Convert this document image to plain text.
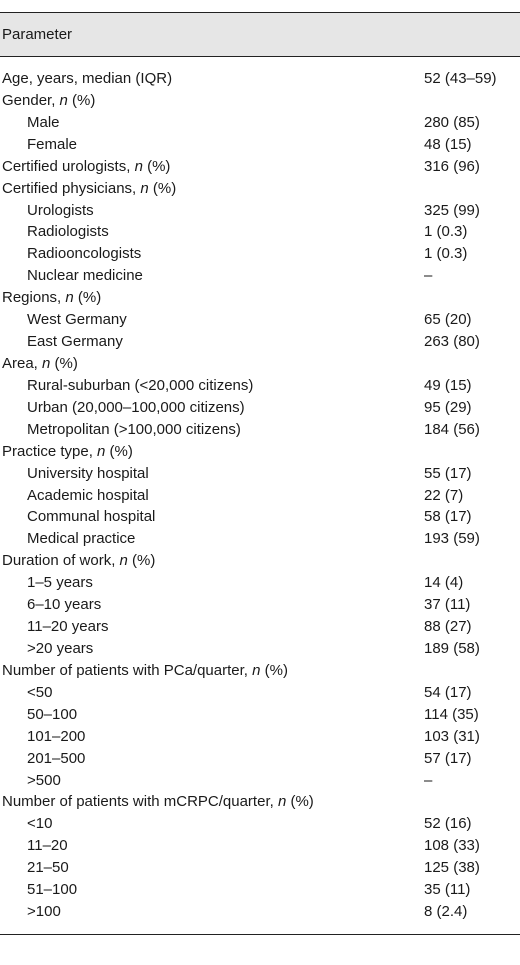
Parameter
Age, years, median (IQR)	52 (43–59)
Gender, n (%)
Male	280 (85)
Female	48 (15)
Certified urologists, n (%)	316 (96)
Certified physicians, n (%)
Urologists	325 (99)
Radiologists	1 (0.3)
Radiooncologists	1 (0.3)
Nuclear medicine	–
Regions, n (%)
West Germany	65 (20)
East Germany	263 (80)
Area, n (%)
Rural-suburban (<20,000 citizens)	49 (15)
Urban (20,000–100,000 citizens)	95 (29)
Metropolitan (>100,000 citizens)	184 (56)
Practice type, n (%)
University hospital	55 (17)
Academic hospital	22 (7)
Communal hospital	58 (17)
Medical practice	193 (59)
Duration of work, n (%)
1–5 years	14 (4)
6–10 years	37 (11)
11–20 years	88 (27)
>20 years	189 (58)
Number of patients with PCa/quarter, n (%)
<50	54 (17)
50–100	114 (35)
101–200	103 (31)
201–500	57 (17)
>500	–
Number of patients with mCRPC/quarter, n (%)
<10	52 (16)
11–20	108 (33)
21–50	125 (38)
51–100	35 (11)
>100	8 (2.4)
